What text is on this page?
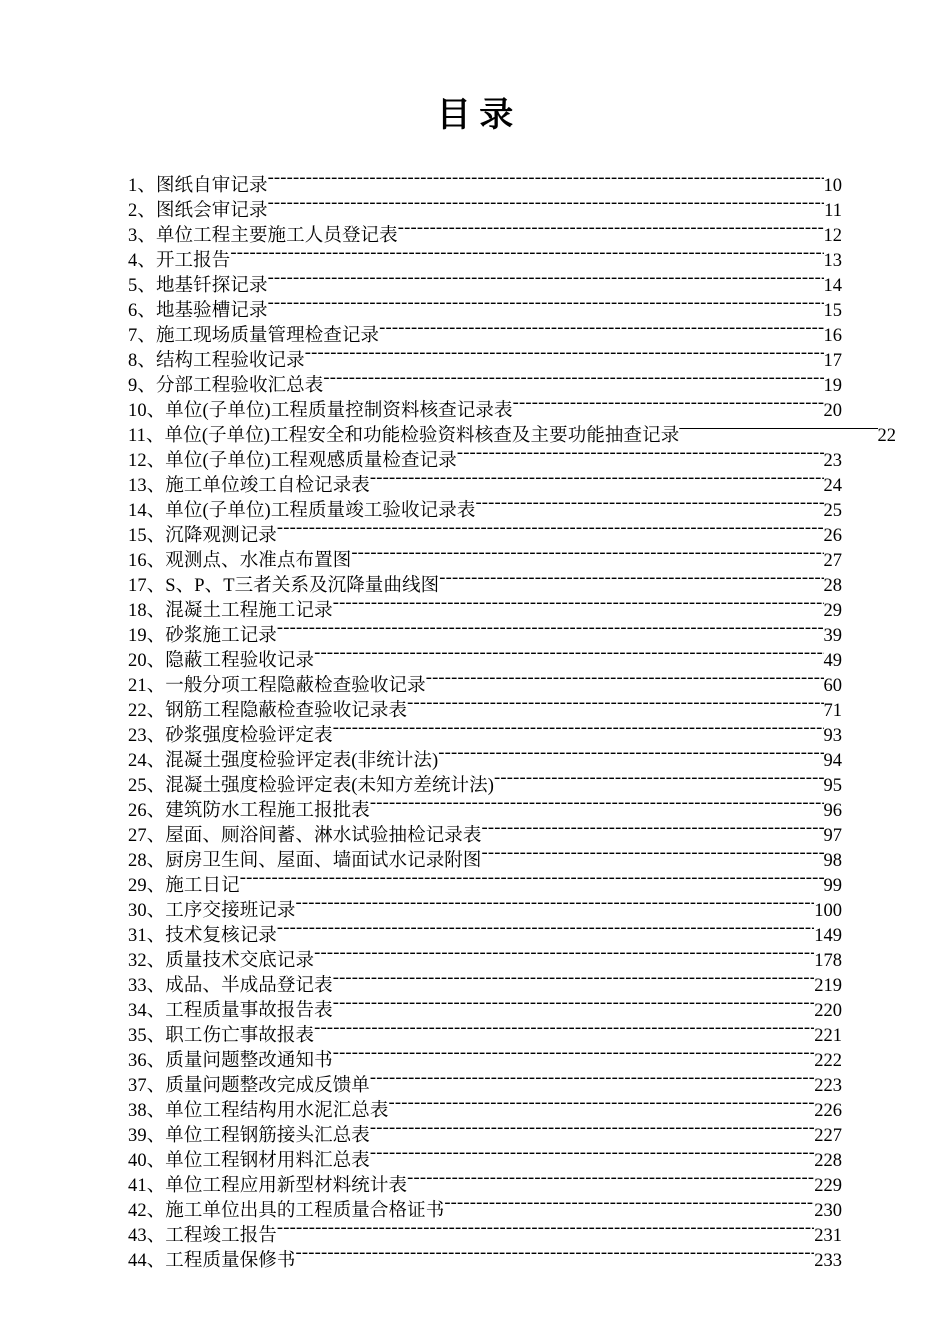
目 录
1、图纸自审记录 -----	10
2、图纸会审记录 -----	11
3、单位工程主要施工人员登记表 -----	12
4、开工报告 -----	13
5、地基钎探记录 -----	14
6、地基验槽记录 -----	15
7、施工现场质量管理检查记录 -----	16
8、结构工程验收记录 -----	17
9、分部工程验收汇总表 -----	19
10、单位(子单位)工程质量控制资料核查记录表 -----	20
11、单位(子单位)工程安全和功能检验资料核查及主要功能抽查记录 —————	22
12、单位(子单位)工程观感质量检查记录 -----	23
13、施工单位竣工自检记录表 -----	24
14、单位(子单位)工程质量竣工验收记录表 -----	25
15、沉降观测记录 -----	26
16、观测点、水准点布置图 -----	27
17、S、P、T三者关系及沉降量曲线图 -----	28
18、混凝土工程施工记录 -----	29
19、砂浆施工记录 -----	39
20、隐蔽工程验收记录 -----	49
21、一般分项工程隐蔽检查验收记录 -----	60
22、钢筋工程隐蔽检查验收记录表 -----	71
23、砂浆强度检验评定表 -----	93
24、混凝土强度检验评定表(非统计法) -----	94
25、混凝土强度检验评定表(未知方差统计法) -----	95
26、建筑防水工程施工报批表 -----	96
27、屋面、厕浴间蓄、淋水试验抽检记录表 -----	97
28、厨房卫生间、屋面、墙面试水记录附图 -----	98
29、施工日记 -----	99
30、工序交接班记录 -----	100
31、技术复核记录 -----	149
32、质量技术交底记录 -----	178
33、成品、半成品登记表 -----	219
34、工程质量事故报告表 -----	220
35、职工伤亡事故报表 -----	221
36、质量问题整改通知书 -----	222
37、质量问题整改完成反馈单 -----	223
38、单位工程结构用水泥汇总表 -----	226
39、单位工程钢筋接头汇总表 -----	227
40、单位工程钢材用料汇总表 -----	228
41、单位工程应用新型材料统计表 -----	229
42、施工单位出具的工程质量合格证书 -----	230
43、工程竣工报告 -----	231
44、工程质量保修书 -----	233
